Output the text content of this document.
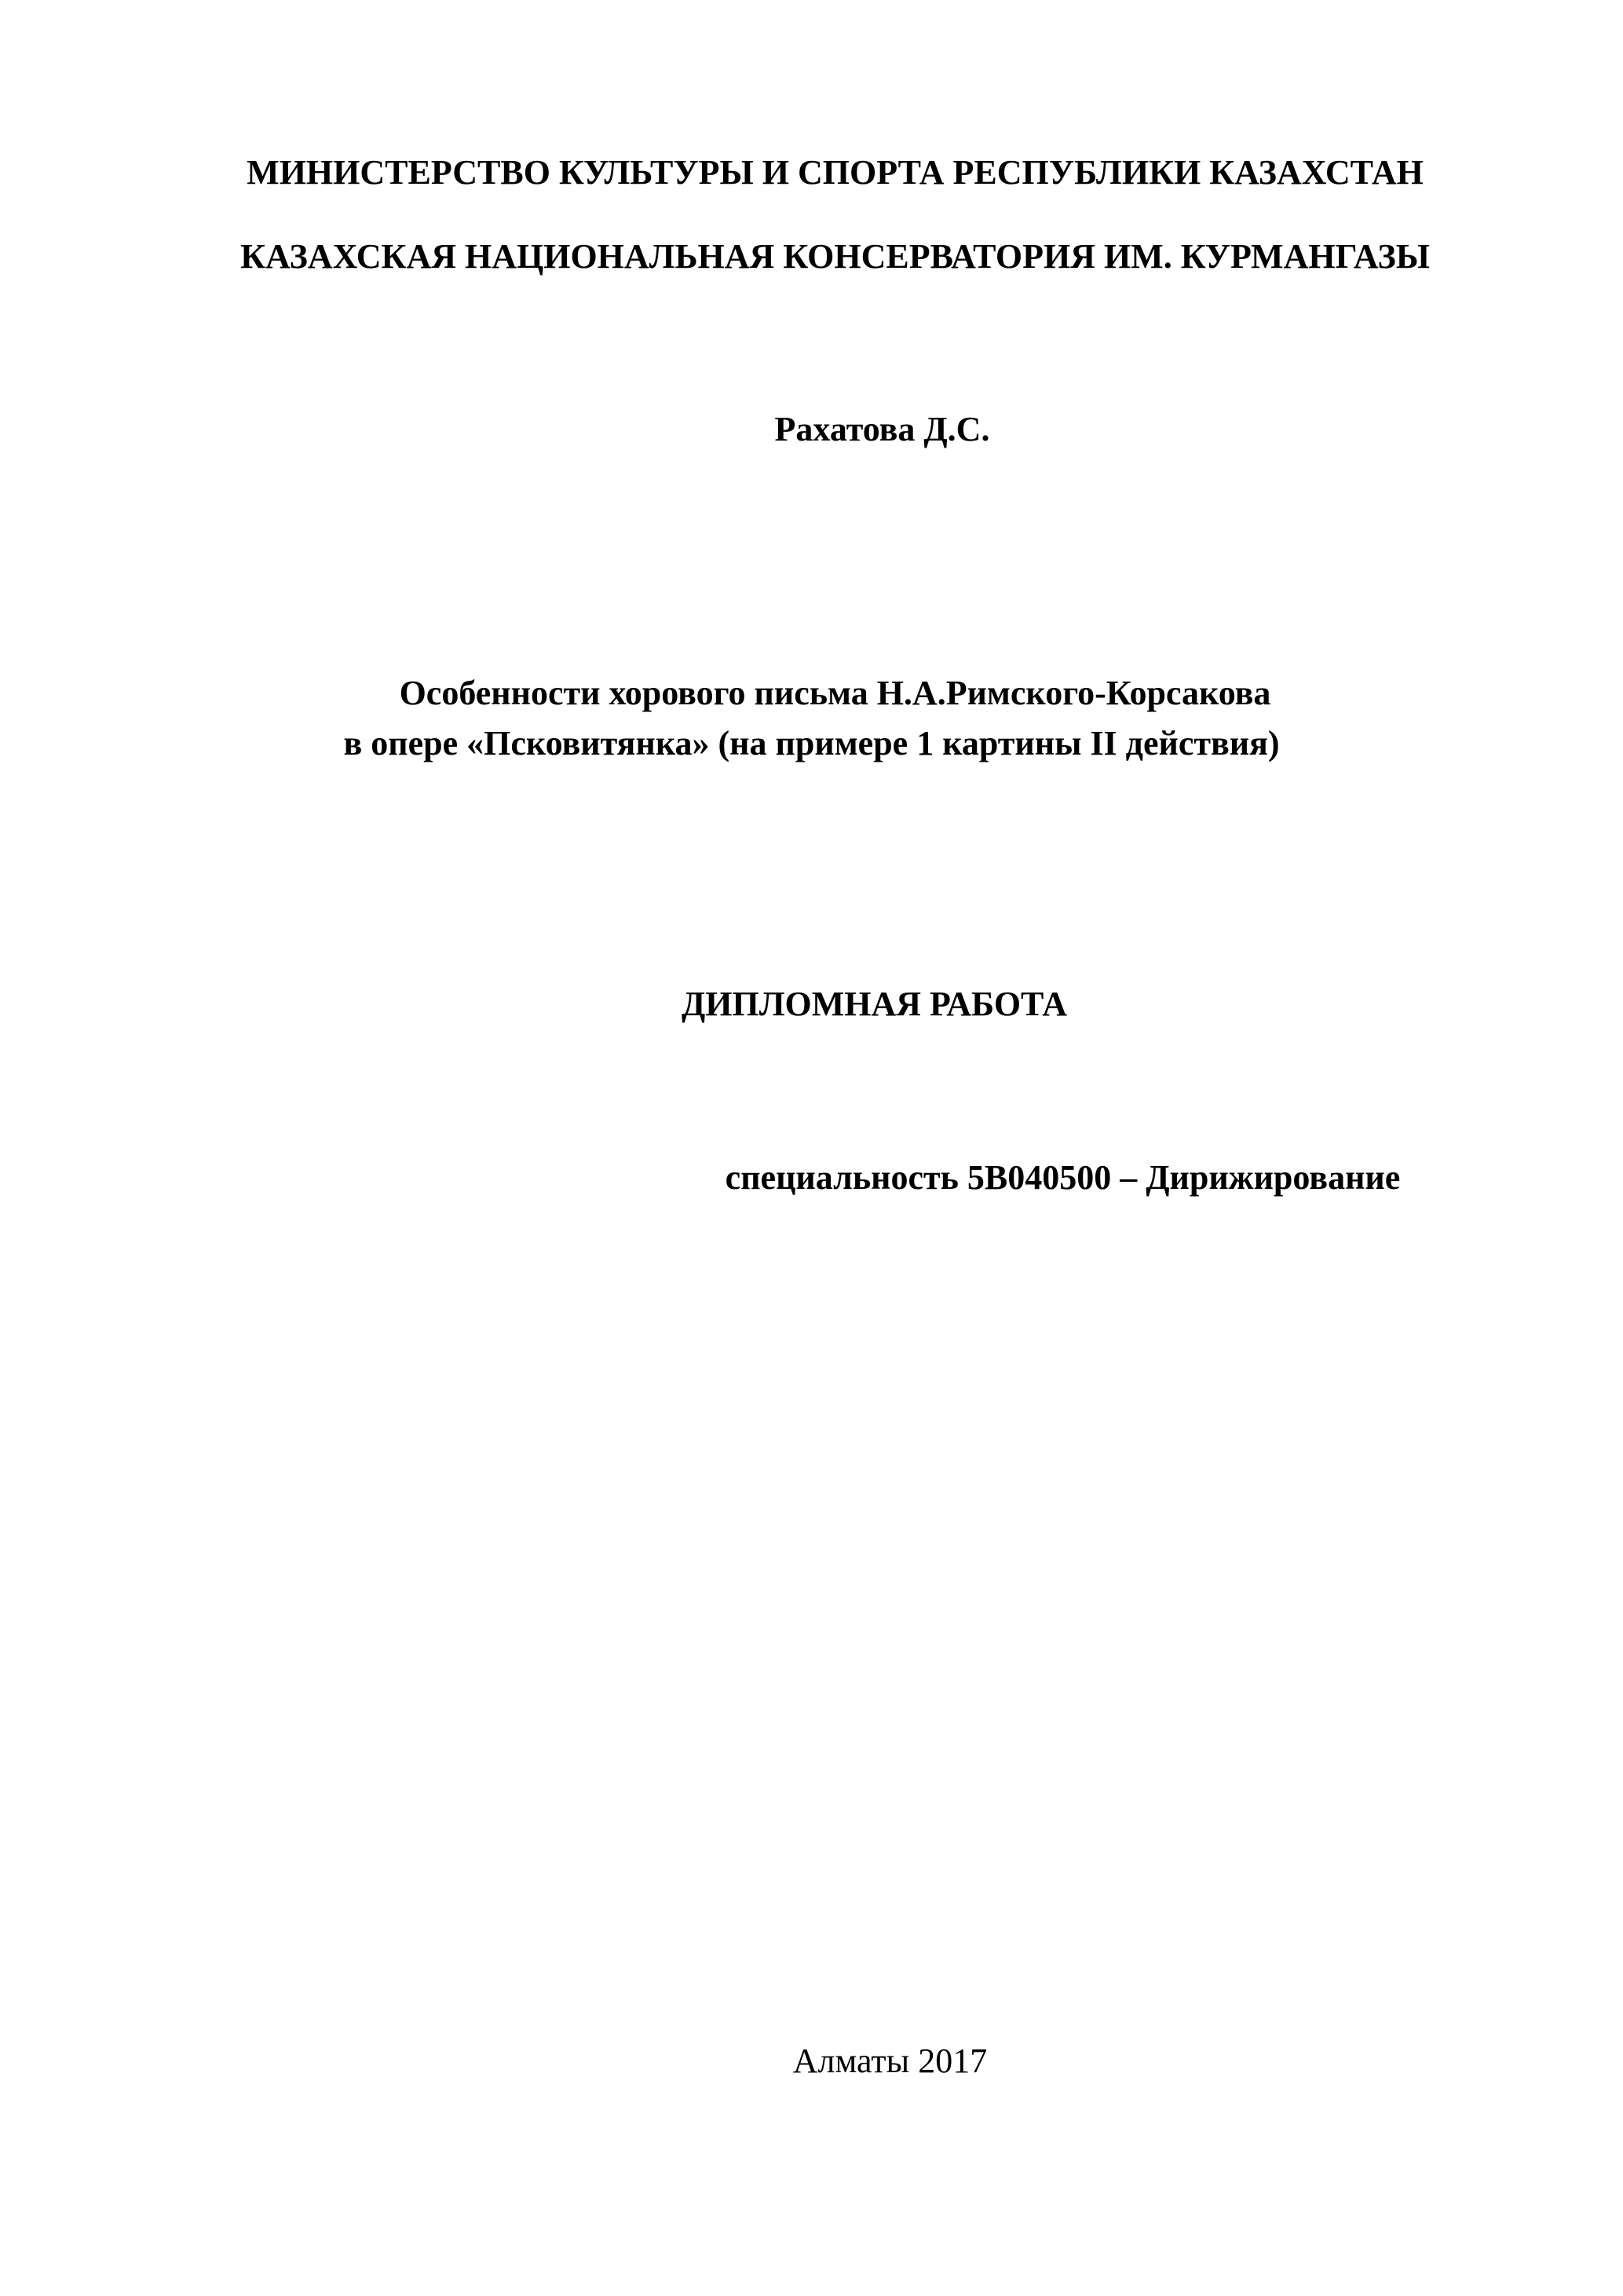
МИНИСТЕРСТВО КУЛЬТУРЫ И СПОРТА РЕСПУБЛИКИ КАЗАХСТАН
КАЗАХСКАЯ НАЦИОНАЛЬНАЯ КОНСЕРВАТОРИЯ ИМ. КУРМАНГАЗЫ
Рахатова Д.С.
Особенности хорового письма Н.А.Римского-Корсакова
в опере «Псковитянка» (на примере 1 картины II действия)
ДИПЛОМНАЯ РАБОТА
специальность 5В040500 – Дирижирование
Алматы 2017
